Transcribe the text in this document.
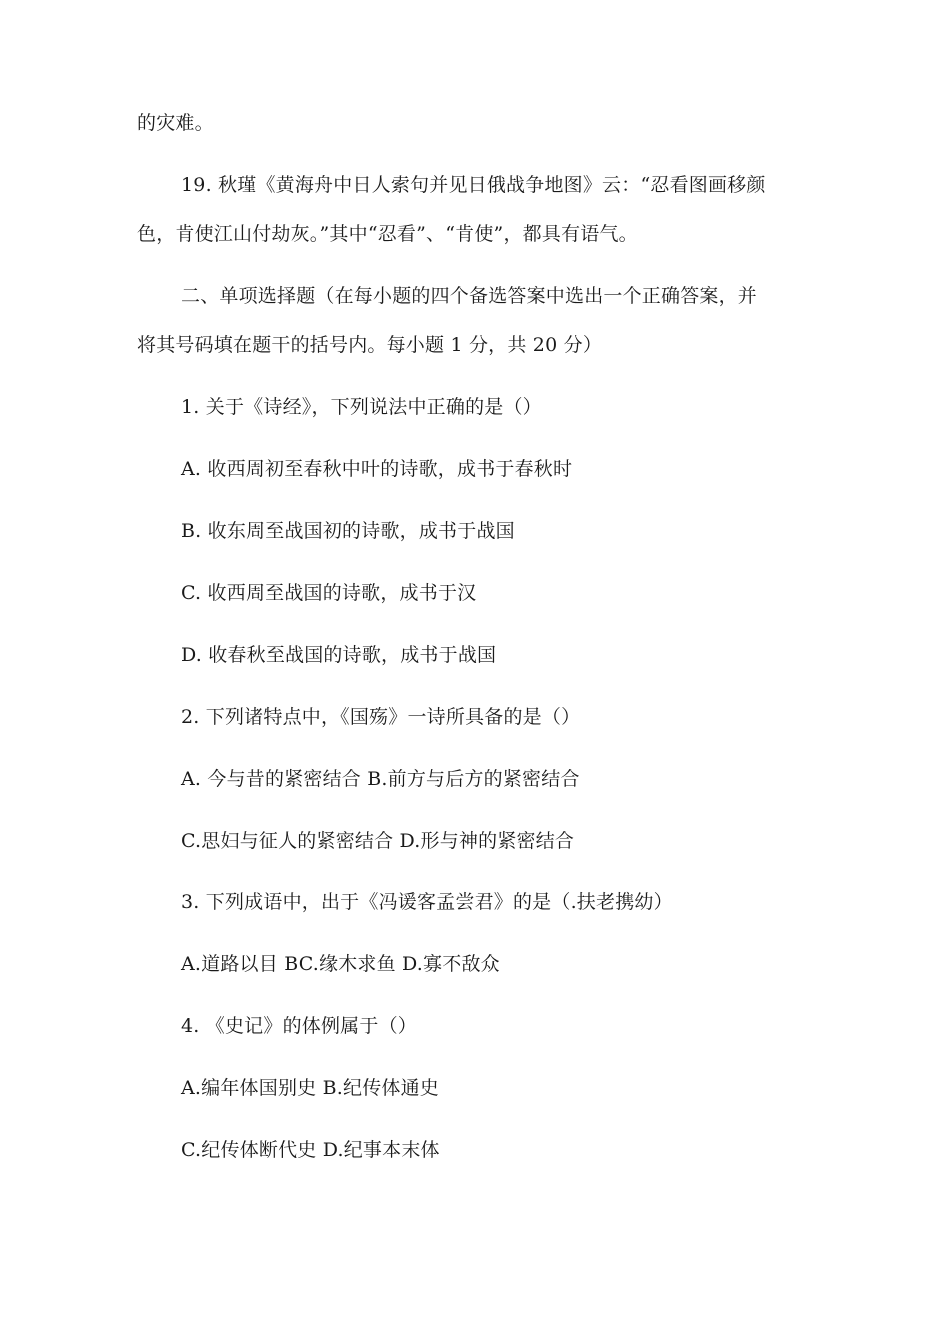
的灾难。
19. 秋瑾《黄海舟中日人索句并见日俄战争地图》云：“忍看图画移颜
色，肯使江山付劫灰。”其中“忍看”、“肯使”，都具有语气。
二、单项选择题（在每小题的四个备选答案中选出一个正确答案，并
将其号码填在题干的括号内。每小题 1 分，共 20 分）
1. 关于《诗经》，下列说法中正确的是（）
A. 收西周初至春秋中叶的诗歌，成书于春秋时
B. 收东周至战国初的诗歌，成书于战国
C. 收西周至战国的诗歌，成书于汉
D. 收春秋至战国的诗歌，成书于战国
2. 下列诸特点中，《国殇》一诗所具备的是（）
A. 今与昔的紧密结合 B.前方与后方的紧密结合
C.思妇与征人的紧密结合 D.形与神的紧密结合
3. 下列成语中，出于《冯谖客孟尝君》的是（.扶老携幼）
A.道路以目 BC.缘木求鱼 D.寡不敌众
4. 《史记》的体例属于（）
A.编年体国别史 B.纪传体通史
C.纪传体断代史 D.纪事本末体
